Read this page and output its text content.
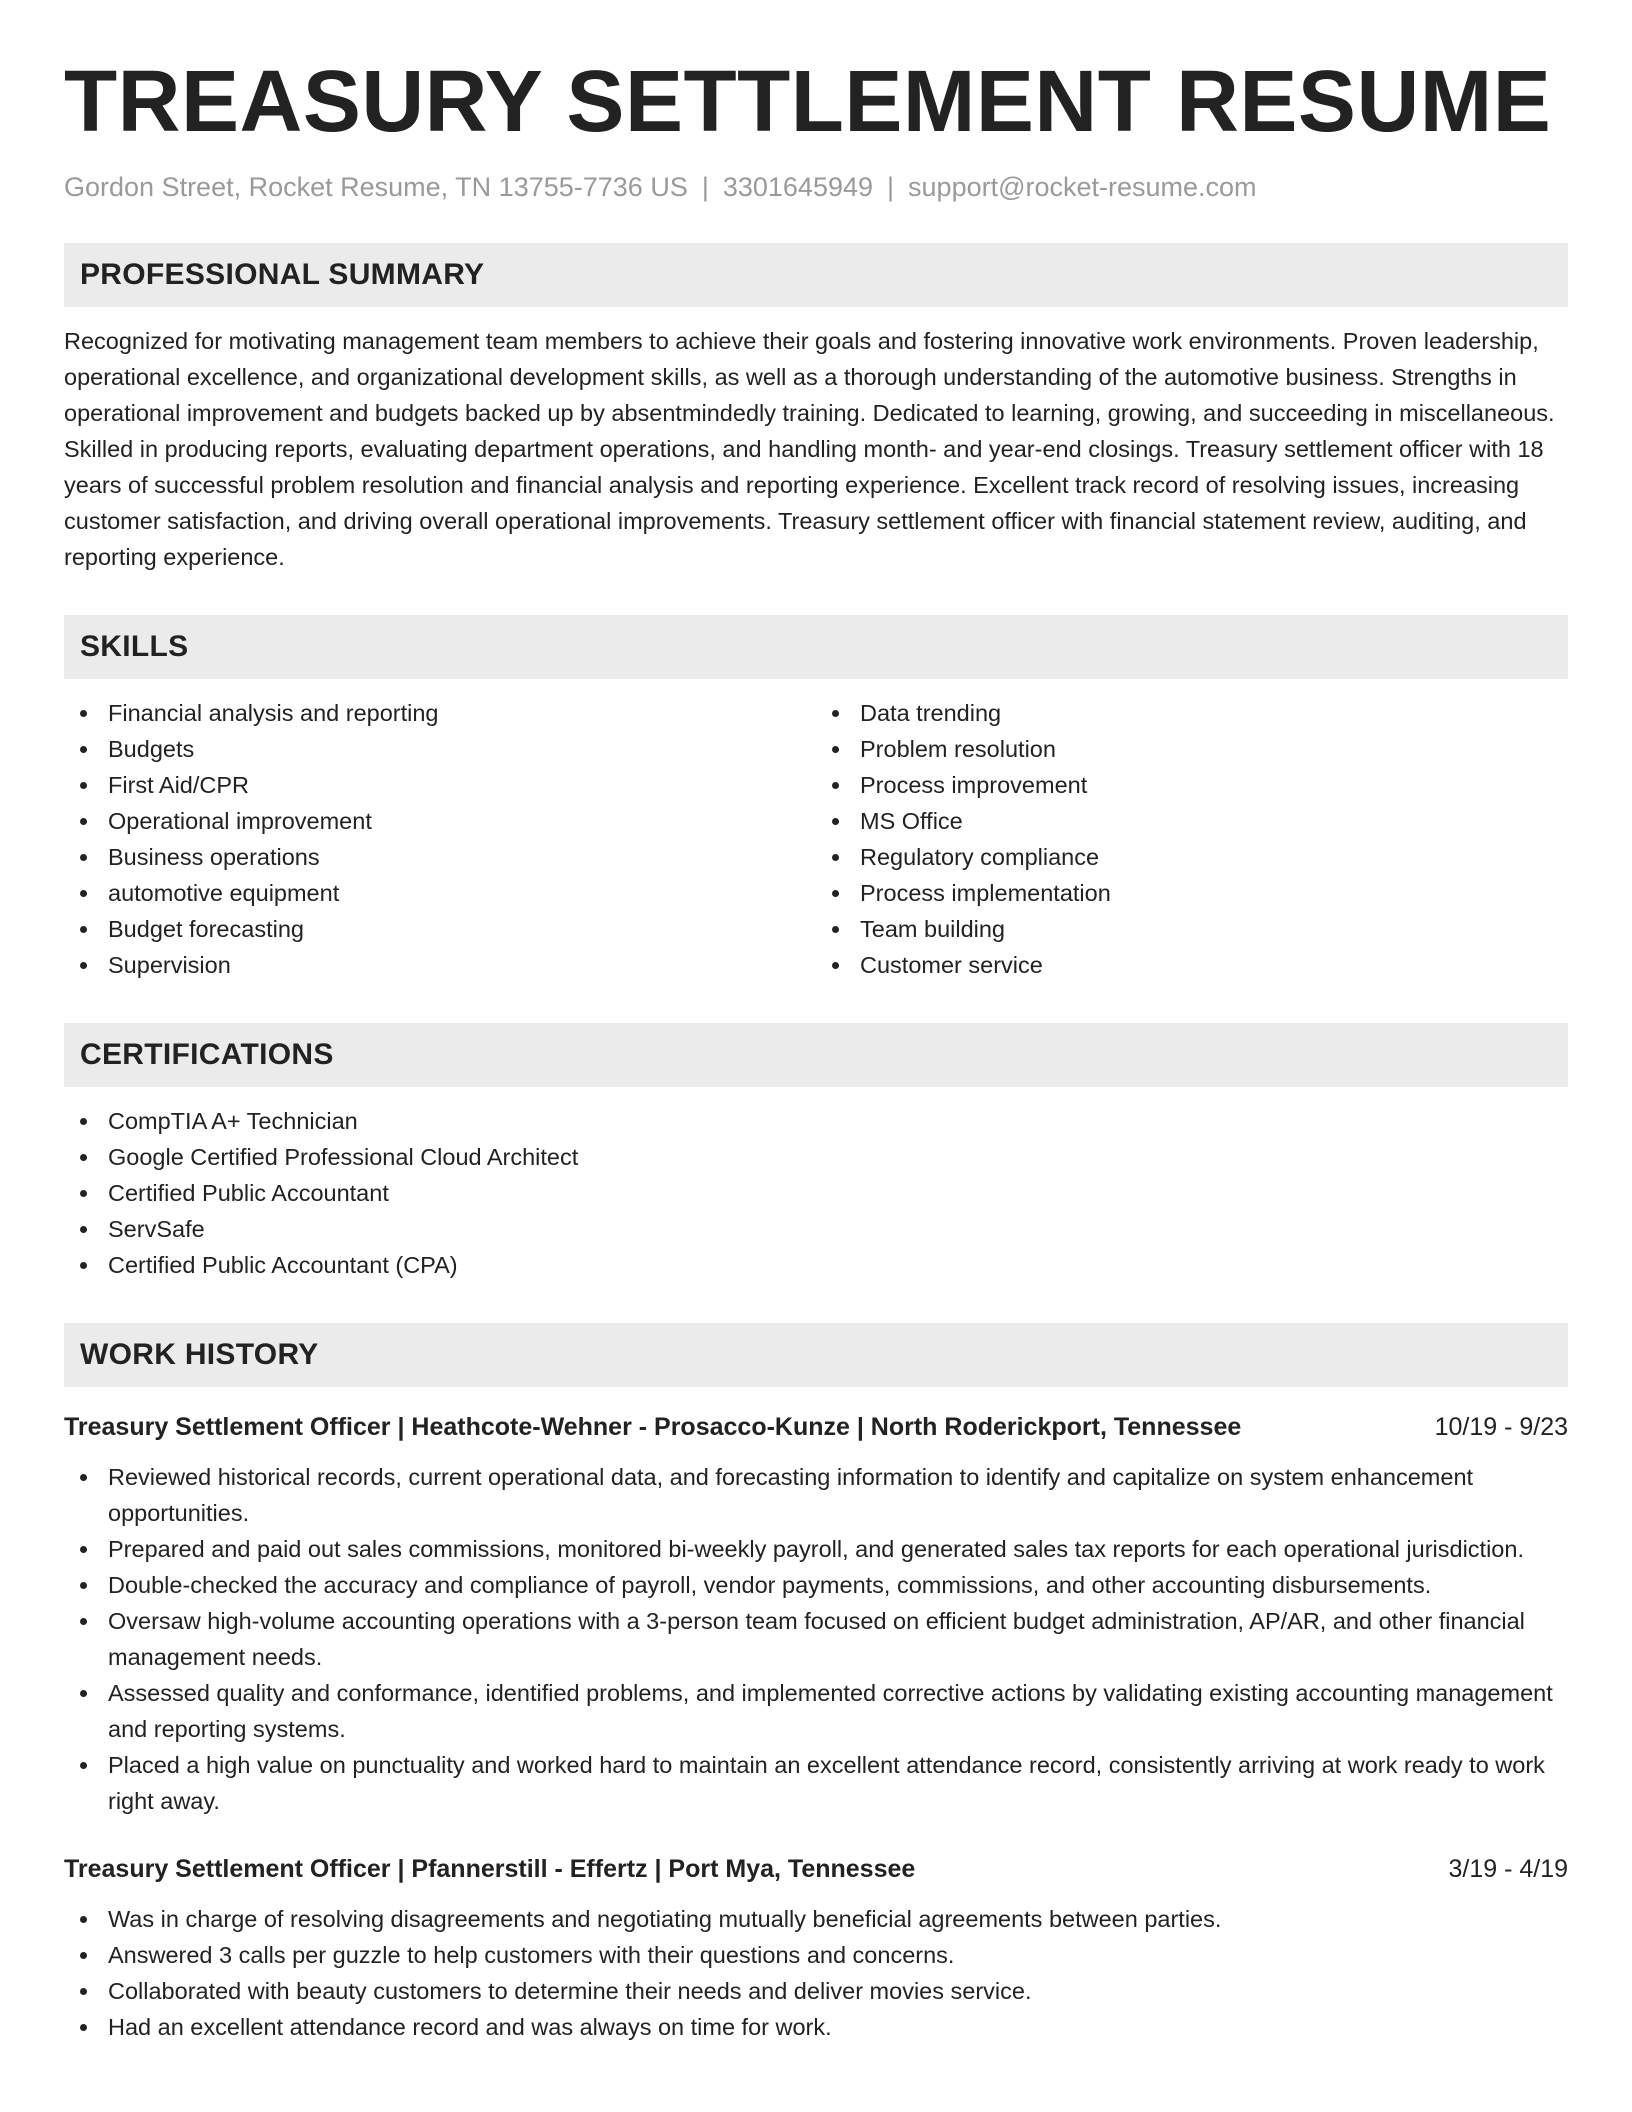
TREASURY SETTLEMENT RESUME
Gordon Street, Rocket Resume, TN 13755-7736 US | 3301645949 | support@rocket-resume.com
PROFESSIONAL SUMMARY

Recognized for motivating management team members to achieve their goals and fostering innovative work environments. Proven leadership, operational excellence, and organizational development skills, as well as a thorough understanding of the automotive business. Strengths in operational improvement and budgets backed up by absentmindedly training. Dedicated to learning, growing, and succeeding in miscellaneous. Skilled in producing reports, evaluating department operations, and handling month- and year-end closings. Treasury settlement officer with 18 years of successful problem resolution and financial analysis and reporting experience. Excellent track record of resolving issues, increasing customer satisfaction, and driving overall operational improvements. Treasury settlement officer with financial statement review, auditing, and reporting experience.

SKILLS
Financial analysis and reporting
Budgets
First Aid/CPR
Operational improvement
Business operations
automotive equipment
Budget forecasting
Supervision
Data trending
Problem resolution
Process improvement
MS Office
Regulatory compliance
Process implementation
Team building
Customer service
CERTIFICATIONS
CompTIA A+ Technician
Google Certified Professional Cloud Architect
Certified Public Accountant
ServSafe
Certified Public Accountant (CPA)
WORK HISTORY
Treasury Settlement Officer | Heathcote-Wehner - Prosacco-Kunze | North Roderickport, Tennessee	10/19 - 9/23
Reviewed historical records, current operational data, and forecasting information to identify and capitalize on system enhancement opportunities.
Prepared and paid out sales commissions, monitored bi-weekly payroll, and generated sales tax reports for each operational jurisdiction.
Double-checked the accuracy and compliance of payroll, vendor payments, commissions, and other accounting disbursements.
Oversaw high-volume accounting operations with a 3-person team focused on efficient budget administration, AP/AR, and other financial management needs.
Assessed quality and conformance, identified problems, and implemented corrective actions by validating existing accounting management and reporting systems.
Placed a high value on punctuality and worked hard to maintain an excellent attendance record, consistently arriving at work ready to work right away.
Treasury Settlement Officer | Pfannerstill - Effertz | Port Mya, Tennessee	3/19 - 4/19
Was in charge of resolving disagreements and negotiating mutually beneficial agreements between parties.
Answered 3 calls per guzzle to help customers with their questions and concerns.
Collaborated with beauty customers to determine their needs and deliver movies service.
Had an excellent attendance record and was always on time for work.
